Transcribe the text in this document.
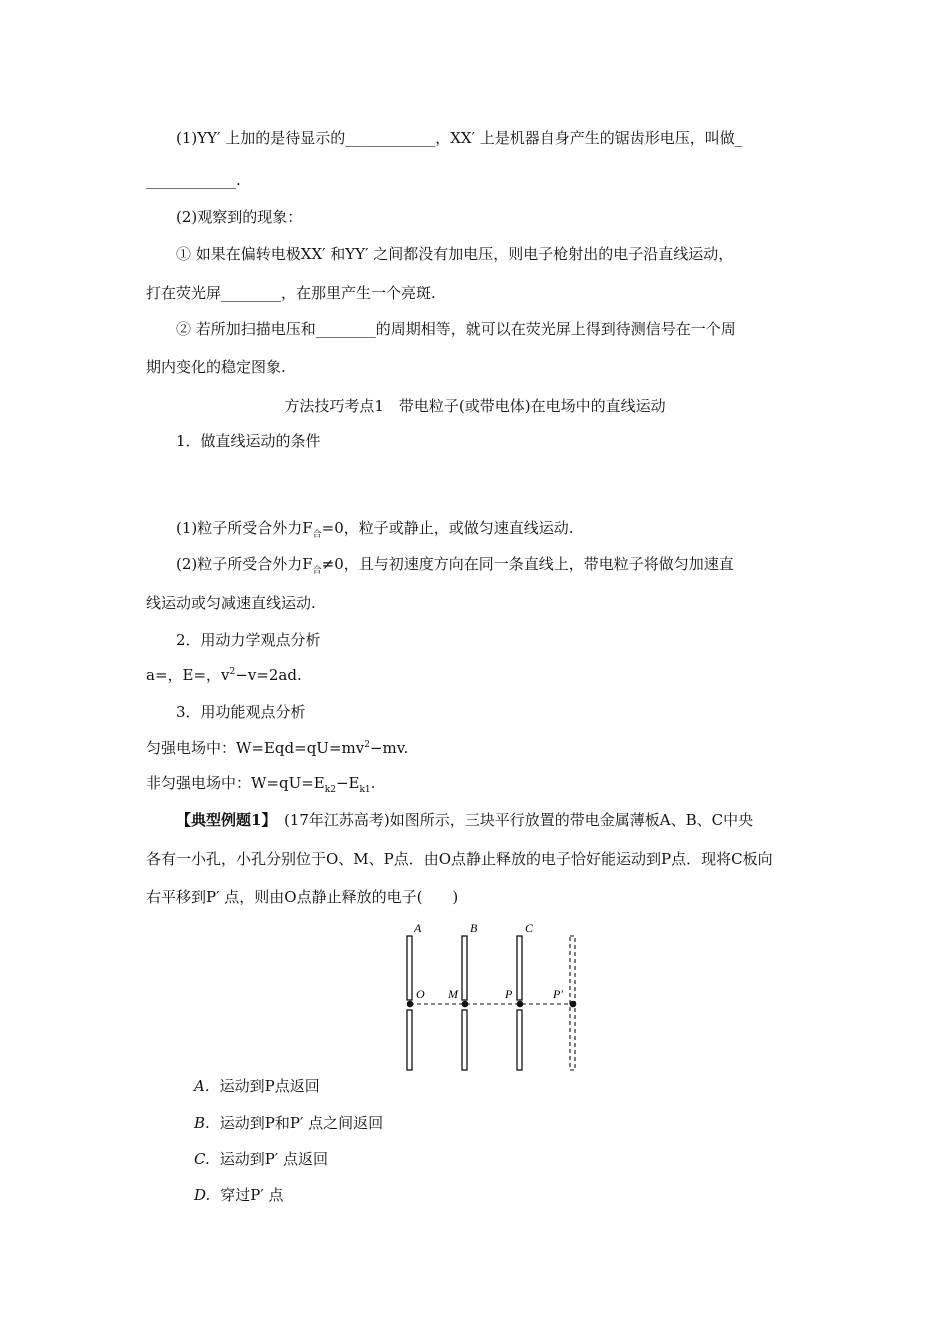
(1)YY′ 上加的是待显示的____________，XX′ 上是机器自身产生的锯齿形电压，叫做_
____________.
(2)观察到的现象：
① 如果在偏转电极XX′ 和YY′ 之间都没有加电压，则电子枪射出的电子沿直线运动，
打在荧光屏________，在那里产生一个亮斑.
② 若所加扫描电压和________的周期相等，就可以在荧光屏上得到待测信号在一个周
期内变化的稳定图象.
方法技巧考点1　带电粒子(或带电体)在电场中的直线运动
1．做直线运动的条件
(1)粒子所受合外力$F_合=0$，粒子或静止，或做匀速直线运动.
(2)粒子所受合外力$F_合\ne 0$，且与初速度方向在同一条直线上，带电粒子将做匀加速直
线运动或匀减速直线运动.
2．用动力学观点分析
a=，E=，$v^2-v=2ad$.
3．用功能观点分析
匀强电场中：$W=Eqd=qU=mv^2-mv$.
非匀强电场中：$W=qU=E_{k2}-E_{k1}$.
【典型例题1】　(17年江苏高考)如图所示，三块平行放置的带电金属薄板A、B、C中央
各有一小孔，小孔分别位于O、M、P点．由O点静止释放的电子恰好能运动到P点．现将C板向
右平移到P′ 点，则由O点静止释放的电子(　　)
A	B	C
O M	P	P′
A. 运动到P点返回
B. 运动到P和P′ 点之间返回
C. 运动到P′ 点返回
D. 穿过P′ 点
